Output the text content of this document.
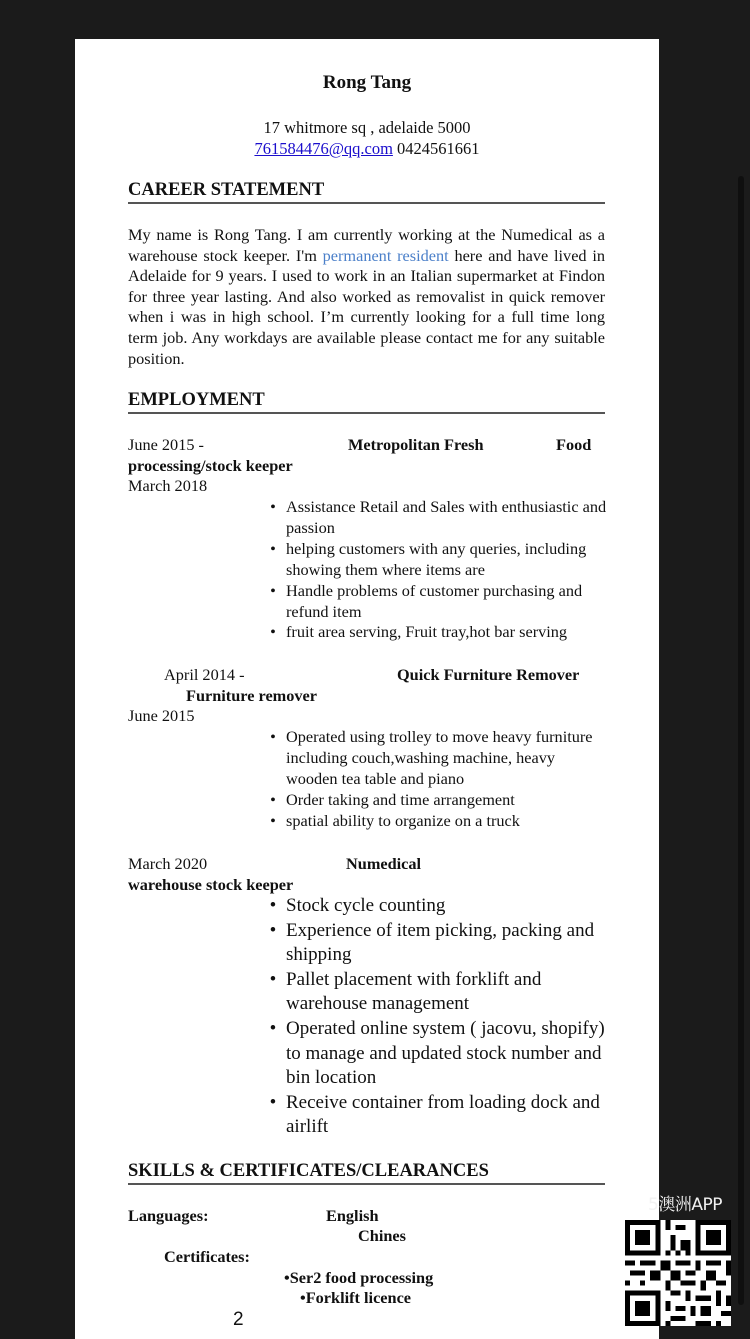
Rong Tang
17 whitmore sq , adelaide 5000
761584476@qq.com 0424561661
CAREER STATEMENT
My name is Rong Tang. I am currently working at the Numedical as a warehouse stock keeper. I'm permanent resident here and have lived in Adelaide for 9 years. I used to work in an Italian supermarket at Findon for three year lasting. And also worked as removalist in quick remover when i was in high school. I’m currently looking for a full time long term job. Any workdays are available please contact me for any suitable position.
EMPLOYMENT
June 2015 -	Metropolitan Fresh	Food
processing/stock keeper
March 2018
• Assistance Retail and Sales with enthusiastic and passion
• helping customers with any queries, including showing them where items are
• Handle problems of customer purchasing and refund item
• fruit area serving, Fruit tray,hot bar serving
April 2014 -	Quick Furniture Remover
Furniture remover
June 2015
• Operated using trolley to move heavy furniture including couch,washing machine, heavy wooden tea table and piano
• Order taking and time arrangement
• spatial ability to organize on a truck
March 2020	Numedical
warehouse stock keeper
• Stock cycle counting
• Experience of item picking, packing and shipping
• Pallet placement with forklift and warehouse management
• Operated online system ( jacovu, shopify) to manage and updated stock number and bin location
• Receive container from loading dock and airlift
SKILLS & CERTIFICATES/CLEARANCES
Languages:	English
Chines
Certificates:
•Ser2 food processing
•Forklift licence
2
5澳洲APP
